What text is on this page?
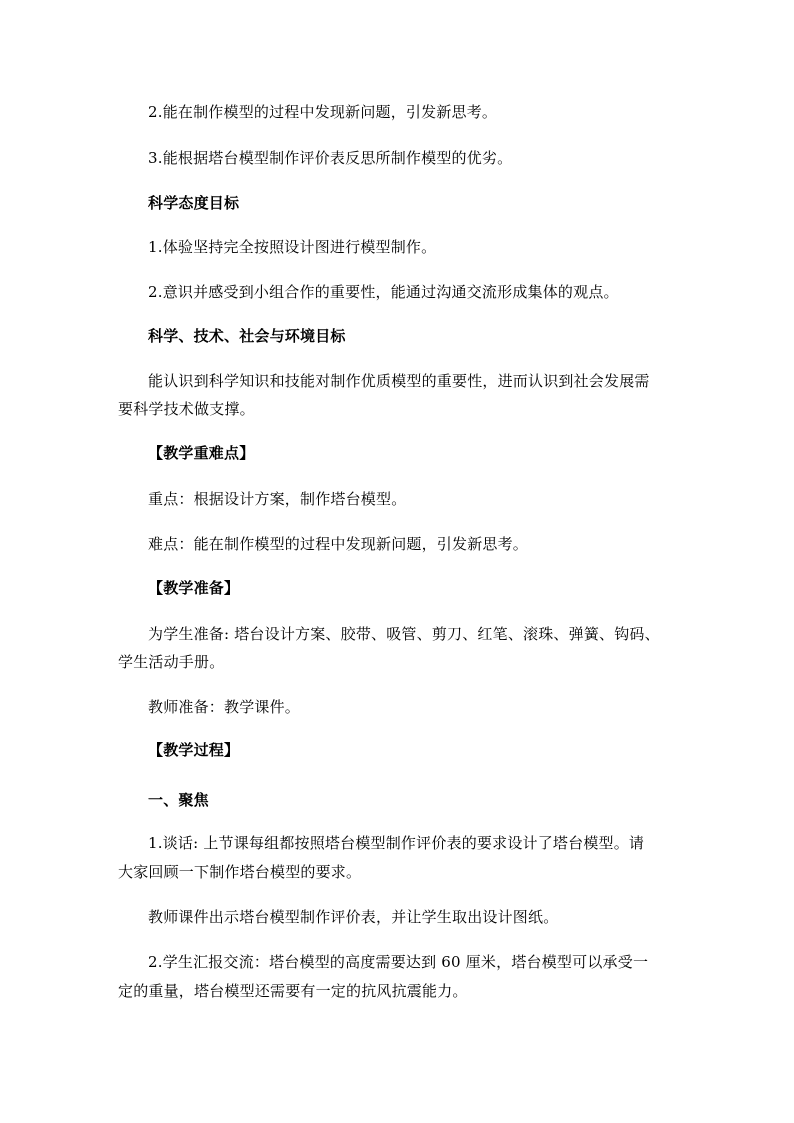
2.能在制作模型的过程中发现新问题，引发新思考。
3.能根据塔台模型制作评价表反思所制作模型的优劣。
科学态度目标
1.体验坚持完全按照设计图进行模型制作。
2.意识并感受到小组合作的重要性，能通过沟通交流形成集体的观点。
科学、技术、社会与环境目标
能认识到科学知识和技能对制作优质模型的重要性，进而认识到社会发展需
要科学技术做支撑。
【教学重难点】
重点：根据设计方案，制作塔台模型。
难点：能在制作模型的过程中发现新问题，引发新思考。
【教学准备】
为学生准备: 塔台设计方案、胶带、吸管、剪刀、红笔、滚珠、弹簧、钩码、
学生活动手册。
教师准备：教学课件。
【教学过程】
一、聚焦
1.谈话: 上节课每组都按照塔台模型制作评价表的要求设计了塔台模型。请
大家回顾一下制作塔台模型的要求。
教师课件出示塔台模型制作评价表，并让学生取出设计图纸。
2.学生汇报交流：塔台模型的高度需要达到 60 厘米，塔台模型可以承受一
定的重量，塔台模型还需要有一定的抗风抗震能力。
